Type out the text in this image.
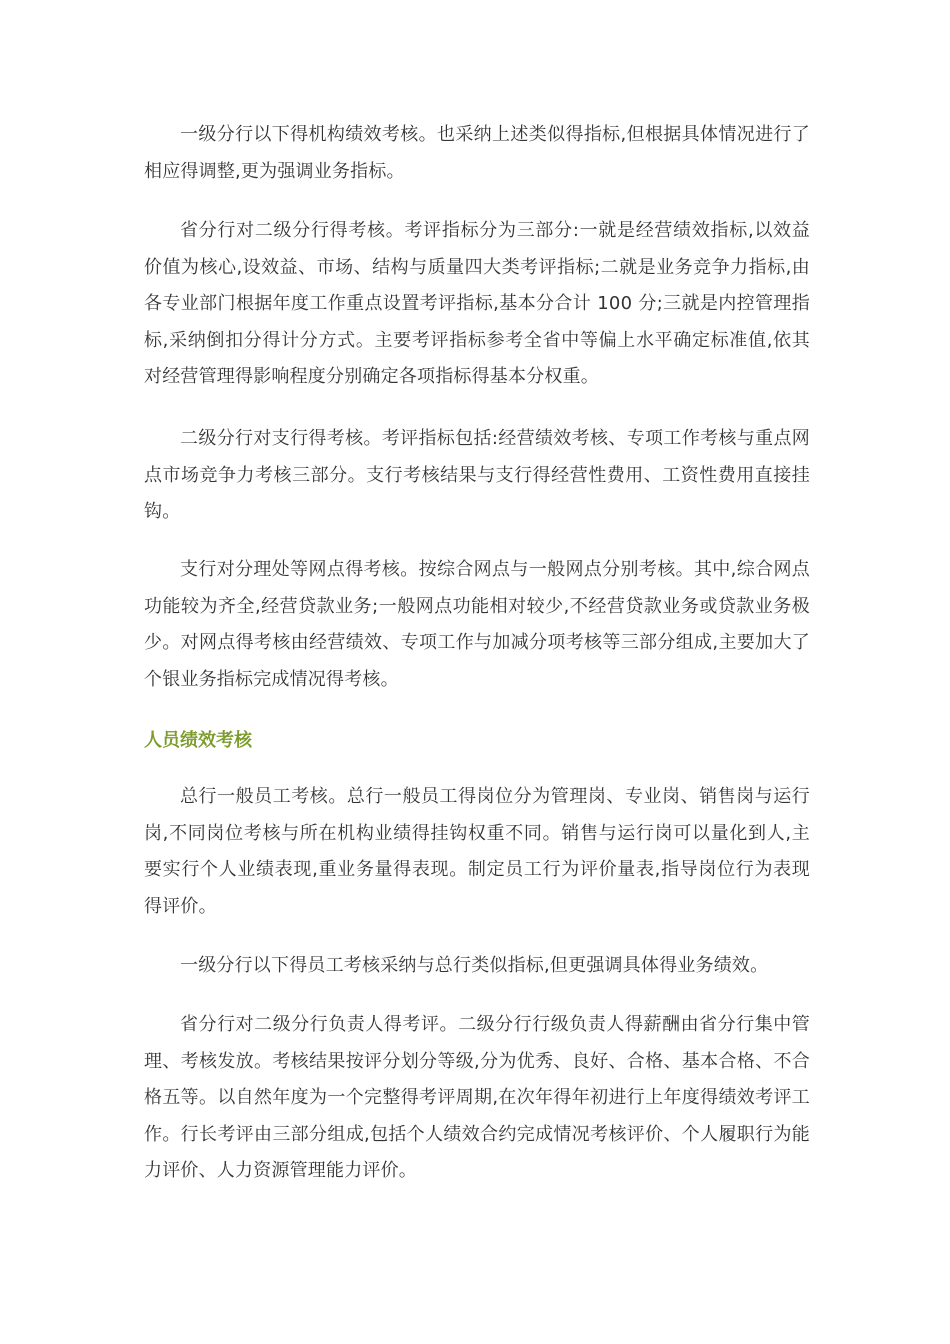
一级分行以下得机构绩效考核。也采纳上述类似得指标,但根据具体情况进行了相应得调整,更为强调业务指标。

省分行对二级分行得考核。考评指标分为三部分:一就是经营绩效指标,以效益价值为核心,设效益、市场、结构与质量四大类考评指标;二就是业务竞争力指标,由各专业部门根据年度工作重点设置考评指标,基本分合计 100 分;三就是内控管理指标,采纳倒扣分得计分方式。主要考评指标参考全省中等偏上水平确定标准值,依其对经营管理得影响程度分别确定各项指标得基本分权重。

二级分行对支行得考核。考评指标包括:经营绩效考核、专项工作考核与重点网点市场竞争力考核三部分。支行考核结果与支行得经营性费用、工资性费用直接挂钩。

支行对分理处等网点得考核。按综合网点与一般网点分别考核。其中,综合网点功能较为齐全,经营贷款业务;一般网点功能相对较少,不经营贷款业务或贷款业务极少。对网点得考核由经营绩效、专项工作与加减分项考核等三部分组成,主要加大了个银业务指标完成情况得考核。

人员绩效考核

总行一般员工考核。总行一般员工得岗位分为管理岗、专业岗、销售岗与运行岗,不同岗位考核与所在机构业绩得挂钩权重不同。销售与运行岗可以量化到人,主要实行个人业绩表现,重业务量得表现。制定员工行为评价量表,指导岗位行为表现得评价。

一级分行以下得员工考核采纳与总行类似指标,但更强调具体得业务绩效。

省分行对二级分行负责人得考评。二级分行行级负责人得薪酬由省分行集中管理、考核发放。考核结果按评分划分等级,分为优秀、良好、合格、基本合格、不合格五等。以自然年度为一个完整得考评周期,在次年得年初进行上年度得绩效考评工作。行长考评由三部分组成,包括个人绩效合约完成情况考核评价、个人履职行为能力评价、人力资源管理能力评价。
